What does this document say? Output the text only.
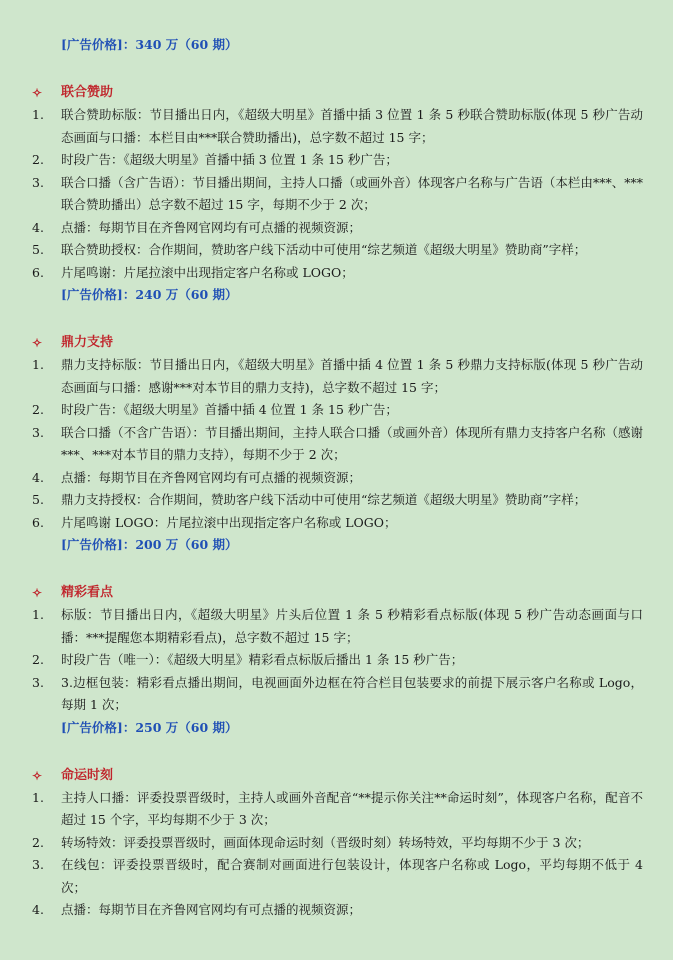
[广告价格]：340 万（60 期）
✧	联合赞助
1.	联合赞助标版：节目播出日内，《超级大明星》首播中插 3 位置 1 条 5 秒联合赞助标版(体现 5 秒广告动态画面与口播：本栏目由***联合赞助播出)，总字数不超过 15 字；
2.	时段广告：《超级大明星》首播中插 3 位置 1 条 15 秒广告；
3.	联合口播（含广告语）：节目播出期间，主持人口播（或画外音）体现客户名称与广告语（本栏由***、***联合赞助播出）总字数不超过 15 字，每期不少于 2 次；
4.	点播：每期节目在齐鲁网官网均有可点播的视频资源；
5.	联合赞助授权：合作期间，赞助客户线下活动中可使用“综艺频道《超级大明星》赞助商”字样；
6.	片尾鸣谢：片尾拉滚中出现指定客户名称或 LOGO；
[广告价格]：240 万（60 期）
✧	鼎力支持
1.	鼎力支持标版：节目播出日内，《超级大明星》首播中插 4 位置 1 条 5 秒鼎力支持标版(体现 5 秒广告动态画面与口播：感谢***对本节目的鼎力支持)，总字数不超过 15 字；
2.	时段广告：《超级大明星》首播中插 4 位置 1 条 15 秒广告；
3.	联合口播（不含广告语）：节目播出期间，主持人联合口播（或画外音）体现所有鼎力支持客户名称（感谢***、***对本节目的鼎力支持），每期不少于 2 次；
4.	点播：每期节目在齐鲁网官网均有可点播的视频资源；
5.	鼎力支持授权：合作期间，赞助客户线下活动中可使用“综艺频道《超级大明星》赞助商”字样；
6.	片尾鸣谢 LOGO：片尾拉滚中出现指定客户名称或 LOGO；
[广告价格]：200 万（60 期）
✧	精彩看点
1.	标版：节目播出日内，《超级大明星》片头后位置 1 条 5 秒精彩看点标版(体现 5 秒广告动态画面与口播：***提醒您本期精彩看点)，总字数不超过 15 字；
2.	时段广告（唯一）：《超级大明星》精彩看点标版后播出 1 条 15 秒广告；
3.	3.边框包装：精彩看点播出期间，电视画面外边框在符合栏目包装要求的前提下展示客户名称或 Logo，每期 1 次；
[广告价格]：250 万（60 期）
✧	命运时刻
1.	主持人口播：评委投票晋级时，主持人或画外音配音“**提示你关注**命运时刻”，体现客户名称，配音不超过 15 个字，平均每期不少于 3 次；
2.	转场特效：评委投票晋级时，画面体现命运时刻（晋级时刻）转场特效，平均每期不少于 3 次；
3.	在线包：评委投票晋级时，配合赛制对画面进行包装设计，体现客户名称或 Logo，平均每期不低于 4 次；
4.	点播：每期节目在齐鲁网官网均有可点播的视频资源；
